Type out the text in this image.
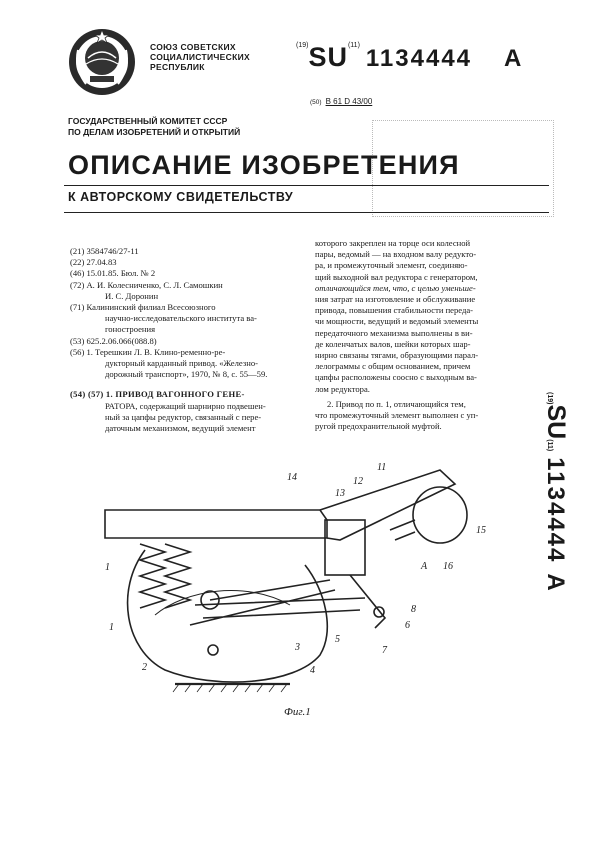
СОЮЗ СОВЕТСКИХ
СОЦИАЛИСТИЧЕСКИХ
РЕСПУБЛИК
$^{(19)}$SU$^{(11)}$ 1134444 A
(50) B 61 D 43/00
ГОСУДАРСТВЕННЫЙ КОМИТЕТ СССР
ПО ДЕЛАМ ИЗОБРЕТЕНИЙ И ОТКРЫТИЙ
ОПИСАНИЕ ИЗОБРЕТЕНИЯ
К АВТОРСКОМУ СВИДЕТЕЛЬСТВУ
(21) 3584746/27-11
(22) 27.04.83
(46) 15.01.85. Бюл. № 2
(72) А. И. Колесниченко, С. Л. Самошкин
И. С. Доронин
(71) Калининский филиал Всесоюзного
научно-исследовательского института ва-
гоностроения
(53) 625.2.06.066(088.8)
(56) 1. Терешкин Л. В. Клино-ременно-ре-
дукторный карданный привод. «Железно-
дорожный транспорт», 1970, № 8, с. 55—59.
(54) (57) 1. ПРИВОД ВАГОННОГО ГЕНЕ-
РАТОРА, содержащий шарнирно подвешен-
ный за цапфы редуктор, связанный с пере-
даточным механизмом, ведущий элемент
которого закреплен на торце оси колесной
пары, ведомый — на входном валу редукто-
ра, и промежуточный элемент, соединяю-
щий выходной вал редуктора с генератором,
отличающийся тем, что, с целью уменьше-
ния затрат на изготовление и обслуживание
привода, повышения стабильности переда-
чи мощности, ведущий и ведомый элементы
передаточного механизма выполнены в ви-
де коленчатых валов, шейки которых шар-
нирно связаны тягами, образующими парал-
лелограммы с общим основанием, причем
цапфы расположены соосно с выходным ва-
лом редуктора.
2. Привод по п. 1, отличающийся тем,
что промежуточный элемент выполнен с уп-
ругой предохранительной муфтой.
(19)SU(11)1134444A
14
13
12
11
15
16
A
1
1
2
3
4
5
6
7
8
Фиг.1
